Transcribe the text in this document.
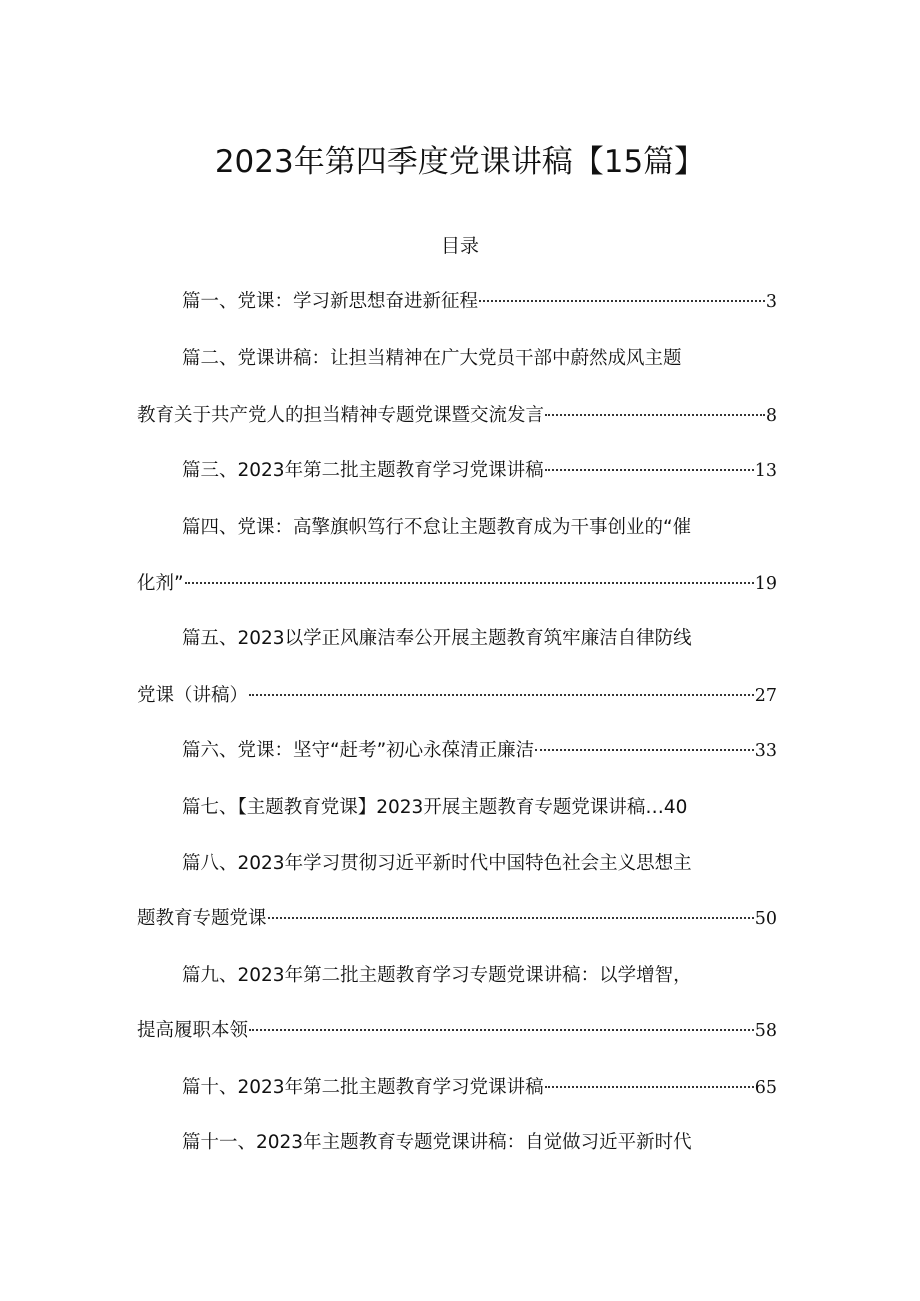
2023年第四季度党课讲稿【15篇】
目录
篇一、党课：学习新思想奋进新征程	3
篇二、党课讲稿：让担当精神在广大党员干部中蔚然成风主题
教育关于共产党人的担当精神专题党课暨交流发言	8
篇三、2023年第二批主题教育学习党课讲稿	13
篇四、党课：高擎旗帜笃行不怠让主题教育成为干事创业的“催
化剂”	19
篇五、2023以学正风廉洁奉公开展主题教育筑牢廉洁自律防线
党课（讲稿）	27
篇六、党课：坚守“赶考”初心永葆清正廉洁	33
篇七、【主题教育党课】2023开展主题教育专题党课讲稿…40
篇八、2023年学习贯彻习近平新时代中国特色社会主义思想主
题教育专题党课	50
篇九、2023年第二批主题教育学习专题党课讲稿：以学增智，
提高履职本领	58
篇十、2023年第二批主题教育学习党课讲稿	65
篇十一、2023年主题教育专题党课讲稿：自觉做习近平新时代
